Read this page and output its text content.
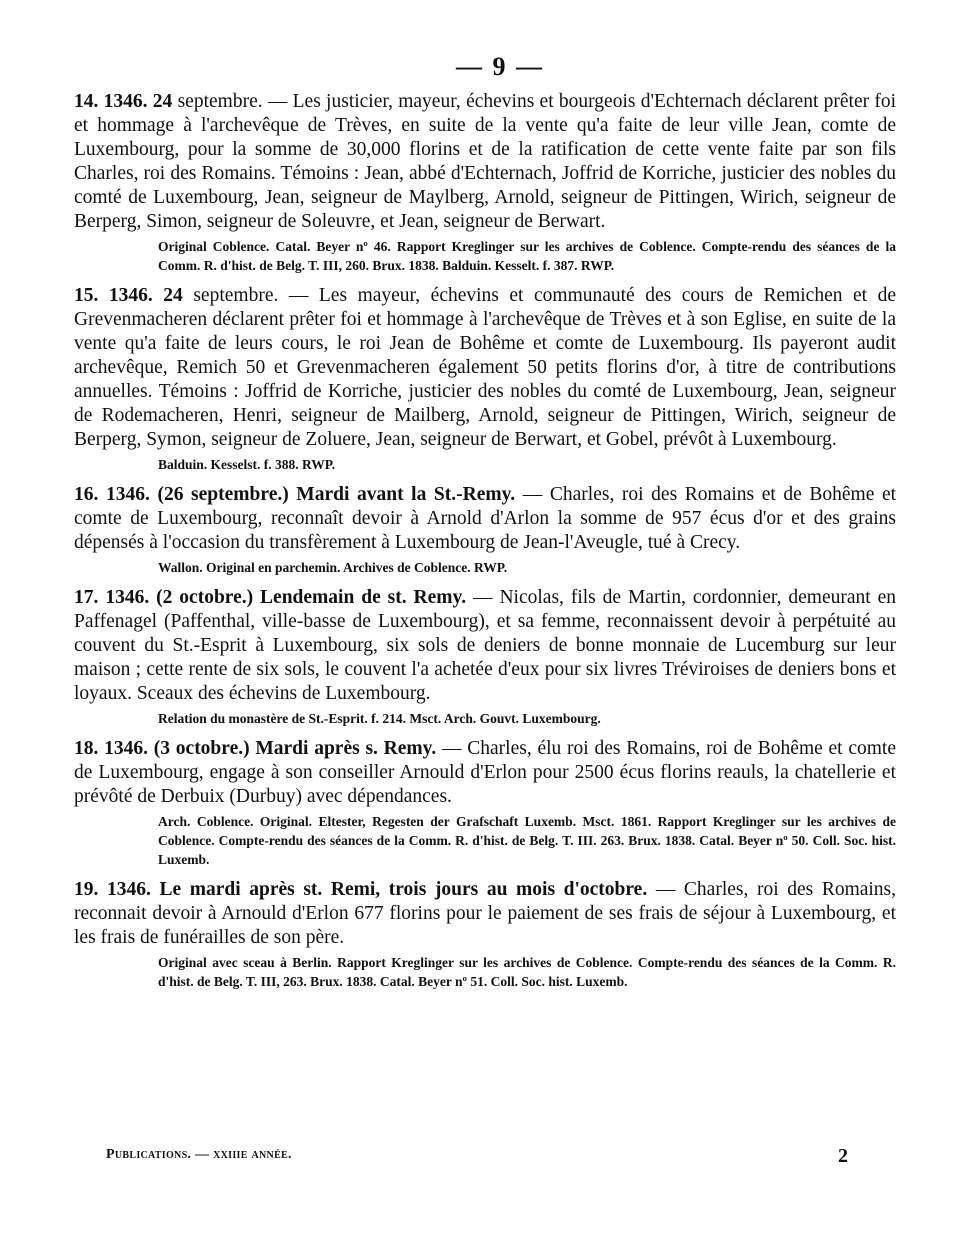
— 9 —

14. 1346. 24 septembre. — Les justicier, mayeur, échevins et bourgeois d'Echternach déclarent prêter foi et hommage à l'archevêque de Trèves, en suite de la vente qu'a faite de leur ville Jean, comte de Luxembourg, pour la somme de 30,000 florins et de la ratification de cette vente faite par son fils Charles, roi des Romains. Témoins : Jean, abbé d'Echternach, Joffrid de Korriche, justicier des nobles du comté de Luxembourg, Jean, seigneur de Maylberg, Arnold, seigneur de Pittingen, Wirich, seigneur de Berperg, Simon, seigneur de Soleuvre, et Jean, seigneur de Berwart.

Original Coblence. Catal. Beyer nº 46. Rapport Kreglinger sur les archives de Coblence. Compte-rendu des séances de la Comm. R. d'hist. de Belg. T. III, 260. Brux. 1838. Balduin. Kesselt. f. 387. RWP.

15. 1346. 24 septembre. — Les mayeur, échevins et communauté des cours de Remichen et de Grevenmacheren déclarent prêter foi et hommage à l'archevêque de Trèves et à son Eglise, en suite de la vente qu'a faite de leurs cours, le roi Jean de Bohême et comte de Luxembourg. Ils payeront audit archevêque, Remich 50 et Grevenmacheren également 50 petits florins d'or, à titre de contributions annuelles. Témoins : Joffrid de Korriche, justicier des nobles du comté de Luxembourg, Jean, seigneur de Rodemacheren, Henri, seigneur de Mailberg, Arnold, seigneur de Pittingen, Wirich, seigneur de Berperg, Symon, seigneur de Zoluere, Jean, seigneur de Berwart, et Gobel, prévôt à Luxembourg.

Balduin. Kesselst. f. 388. RWP.

16. 1346. (26 septembre.) Mardi avant la St.-Remy. — Charles, roi des Romains et de Bohême et comte de Luxembourg, reconnaît devoir à Arnold d'Arlon la somme de 957 écus d'or et des grains dépensés à l'occasion du transfèrement à Luxembourg de Jean-l'Aveugle, tué à Crecy.

Wallon. Original en parchemin. Archives de Coblence. RWP.

17. 1346. (2 octobre.) Lendemain de st. Remy. — Nicolas, fils de Martin, cordonnier, demeurant en Paffenagel (Paffenthal, ville-basse de Luxembourg), et sa femme, reconnaissent devoir à perpétuité au couvent du St.-Esprit à Luxembourg, six sols de deniers de bonne monnaie de Lucemburg sur leur maison ; cette rente de six sols, le couvent l'a achetée d'eux pour six livres Tréviroises de deniers bons et loyaux. Sceaux des échevins de Luxembourg.

Relation du monastère de St.-Esprit. f. 214. Msct. Arch. Gouvt. Luxembourg.

18. 1346. (3 octobre.) Mardi après s. Remy. — Charles, élu roi des Romains, roi de Bohême et comte de Luxembourg, engage à son conseiller Arnould d'Erlon pour 2500 écus florins reauls, la chatellerie et prévôté de Derbuix (Durbuy) avec dépendances.

Arch. Coblence. Original. Eltester, Regesten der Grafschaft Luxemb. Msct. 1861. Rapport Kreglinger sur les archives de Coblence. Compte-rendu des séances de la Comm. R. d'hist. de Belg. T. III. 263. Brux. 1838. Catal. Beyer nº 50. Coll. Soc. hist. Luxemb.

19. 1346. Le mardi après st. Remi, trois jours au mois d'octobre. — Charles, roi des Romains, reconnait devoir à Arnould d'Erlon 677 florins pour le paiement de ses frais de séjour à Luxembourg, et les frais de funérailles de son père.

Original avec sceau à Berlin. Rapport Kreglinger sur les archives de Coblence. Compte-rendu des séances de la Comm. R. d'hist. de Belg. T. III, 263. Brux. 1838. Catal. Beyer nº 51. Coll. Soc. hist. Luxemb.

Publications. — xxiiie année.	2
